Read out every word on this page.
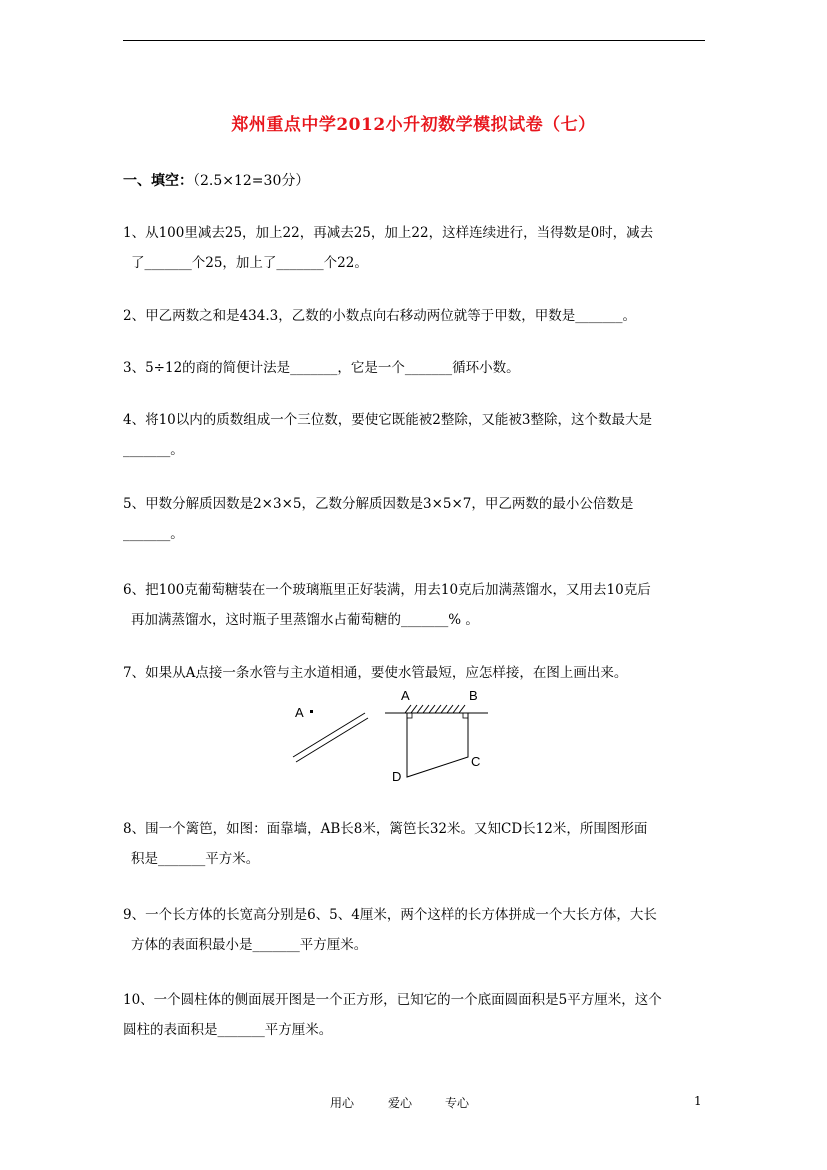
郑州重点中学2012小升初数学模拟试卷（七）
一、填空：（2.5×12=30分）
1、从100里减去25，加上22，再减去25，加上22，这样连续进行，当得数是0时，减去
了_______个25，加上了_______个22。
2、甲乙两数之和是434.3，乙数的小数点向右移动两位就等于甲数，甲数是_______。
3、5÷12的商的简便计法是_______，它是一个_______循环小数。
4、将10以内的质数组成一个三位数，要使它既能被2整除，又能被3整除，这个数最大是
_______。
5、甲数分解质因数是2×3×5，乙数分解质因数是3×5×7，甲乙两数的最小公倍数是
_______。
6、把100克葡萄糖装在一个玻璃瓶里正好装满，用去10克后加满蒸馏水，又用去10克后
再加满蒸馏水，这时瓶子里蒸馏水占葡萄糖的_______% 。
7、如果从A点接一条水管与主水道相通，要使水管最短，应怎样接，在图上画出来。
A
A	B
C
D
8、围一个篱笆，如图：面靠墙，AB长8米，篱笆长32米。又知CD长12米，所围图形面
积是_______平方米。
9、一个长方体的长宽高分别是6、5、4厘米，两个这样的长方体拼成一个大长方体，大长
方体的表面积最小是_______平方厘米。
10、一个圆柱体的侧面展开图是一个正方形，已知它的一个底面圆面积是5平方厘米，这个
圆柱的表面积是_______平方厘米。
用心	爱心	专心	1
